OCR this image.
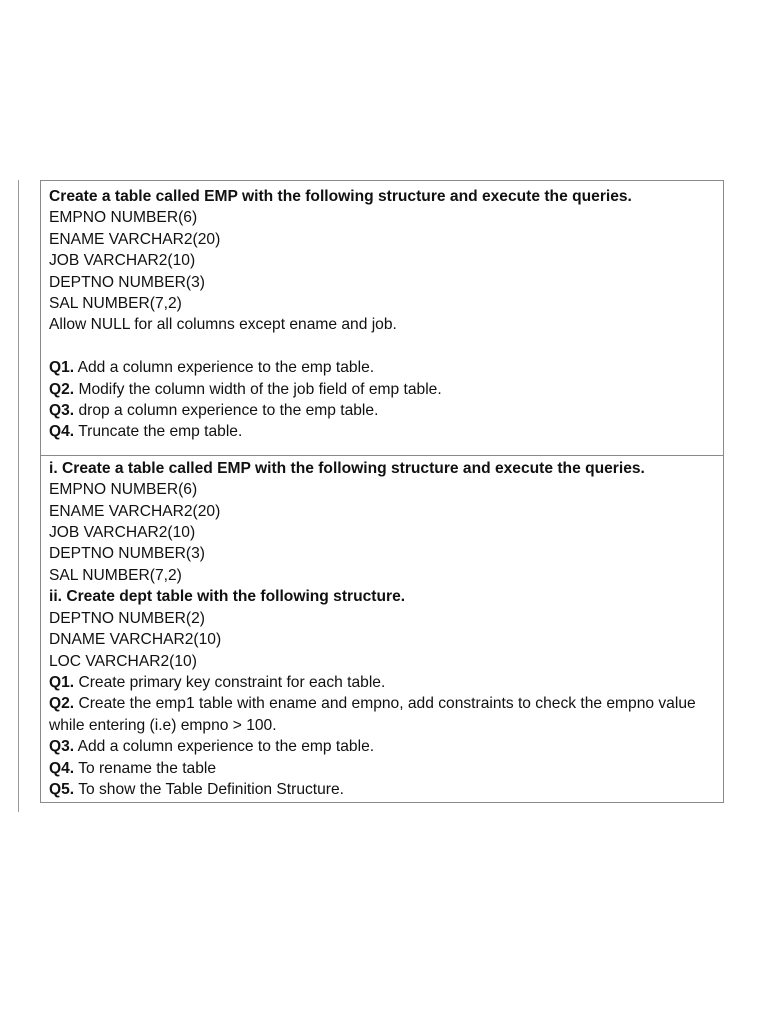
Create a table called EMP with the following structure and execute the queries.
EMPNO NUMBER(6)
ENAME VARCHAR2(20)
JOB VARCHAR2(10)
DEPTNO NUMBER(3)
SAL NUMBER(7,2)
Allow NULL for all columns except ename and job.
Q1. Add a column experience to the emp table.
Q2. Modify the column width of the job field of emp table.
Q3. drop a column experience to the emp table.
Q4. Truncate the emp table.
i. Create a table called EMP with the following structure and execute the queries.
EMPNO NUMBER(6)
ENAME VARCHAR2(20)
JOB VARCHAR2(10)
DEPTNO NUMBER(3)
SAL NUMBER(7,2)
ii. Create dept table with the following structure.
DEPTNO NUMBER(2)
DNAME VARCHAR2(10)
LOC VARCHAR2(10)
Q1. Create primary key constraint for each table.
Q2. Create the emp1 table with ename and empno, add constraints to check the empno value while entering (i.e) empno > 100.
Q3. Add a column experience to the emp table.
Q4. To rename the table
Q5. To show the Table Definition Structure.
